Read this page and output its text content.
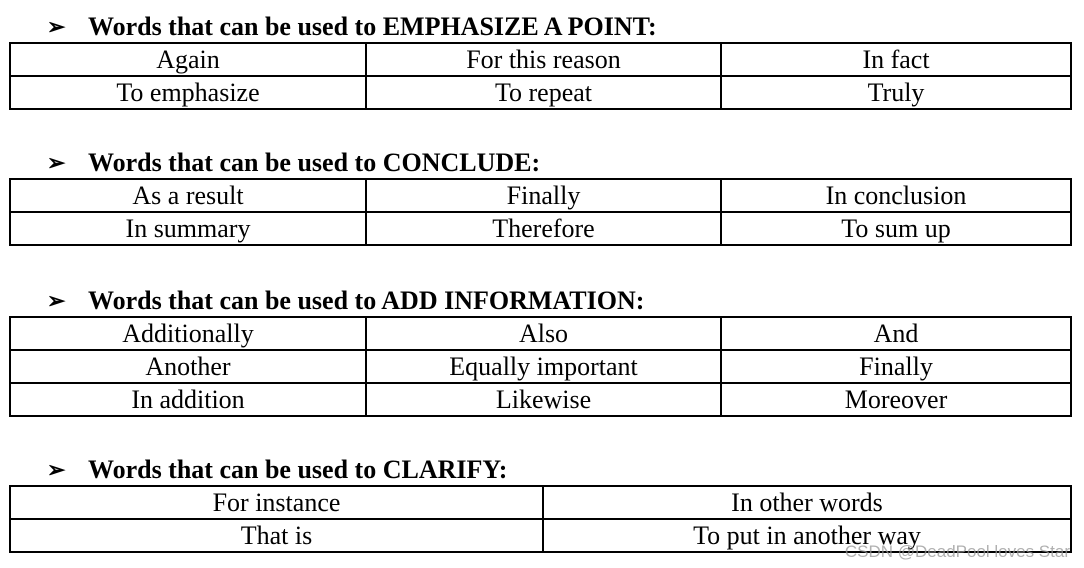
➢ Words that can be used to EMPHASIZE A POINT:
Again	For this reason	In fact
To emphasize	To repeat	Truly
➢ Words that can be used to CONCLUDE:
As a result	Finally	In conclusion
In summary	Therefore	To sum up
➢ Words that can be used to ADD INFORMATION:
Additionally	Also	And
Another	Equally important	Finally
In addition	Likewise	Moreover
➢ Words that can be used to CLARIFY:
For instance	In other words
That is	To put in another way
CSDN @DeadPool loves Star
